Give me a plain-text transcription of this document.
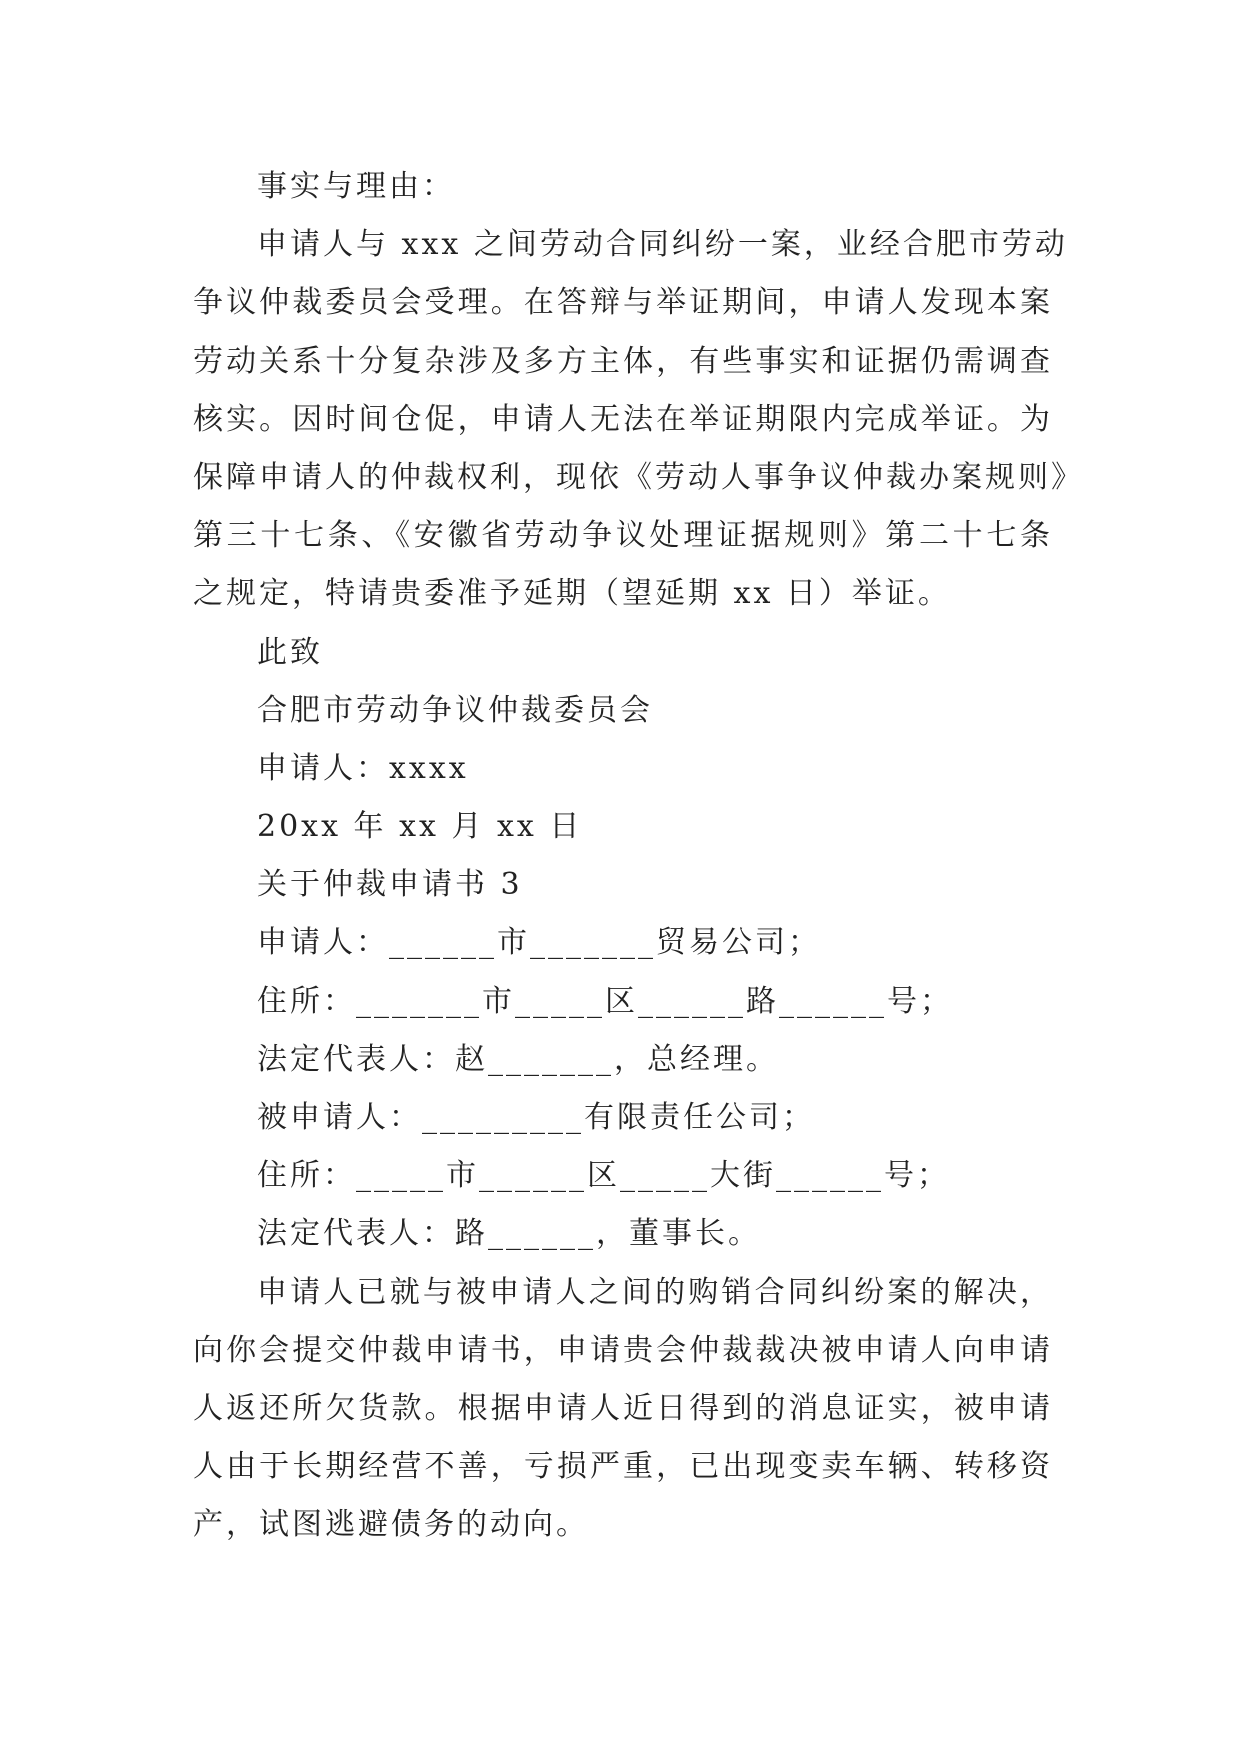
事实与理由：
申请人与 xxx 之间劳动合同纠纷一案，业经合肥市劳动
争议仲裁委员会受理。在答辩与举证期间，申请人发现本案
劳动关系十分复杂涉及多方主体，有些事实和证据仍需调查
核实。因时间仓促，申请人无法在举证期限内完成举证。为
保障申请人的仲裁权利，现依《劳动人事争议仲裁办案规则》
第三十七条、《安徽省劳动争议处理证据规则》第二十七条
之规定，特请贵委准予延期（望延期 xx 日）举证。
此致
合肥市劳动争议仲裁委员会
申请人：xxxx
20xx 年 xx 月 xx 日
关于仲裁申请书 3
申请人：______市_______贸易公司；
住所：_______市_____区______路______号；
法定代表人：赵_______，总经理。
被申请人：_________有限责任公司；
住所：_____市______区_____大街______号；
法定代表人：路______，董事长。
申请人已就与被申请人之间的购销合同纠纷案的解决，
向你会提交仲裁申请书，申请贵会仲裁裁决被申请人向申请
人返还所欠货款。根据申请人近日得到的消息证实，被申请
人由于长期经营不善，亏损严重，已出现变卖车辆、转移资
产，试图逃避债务的动向。
